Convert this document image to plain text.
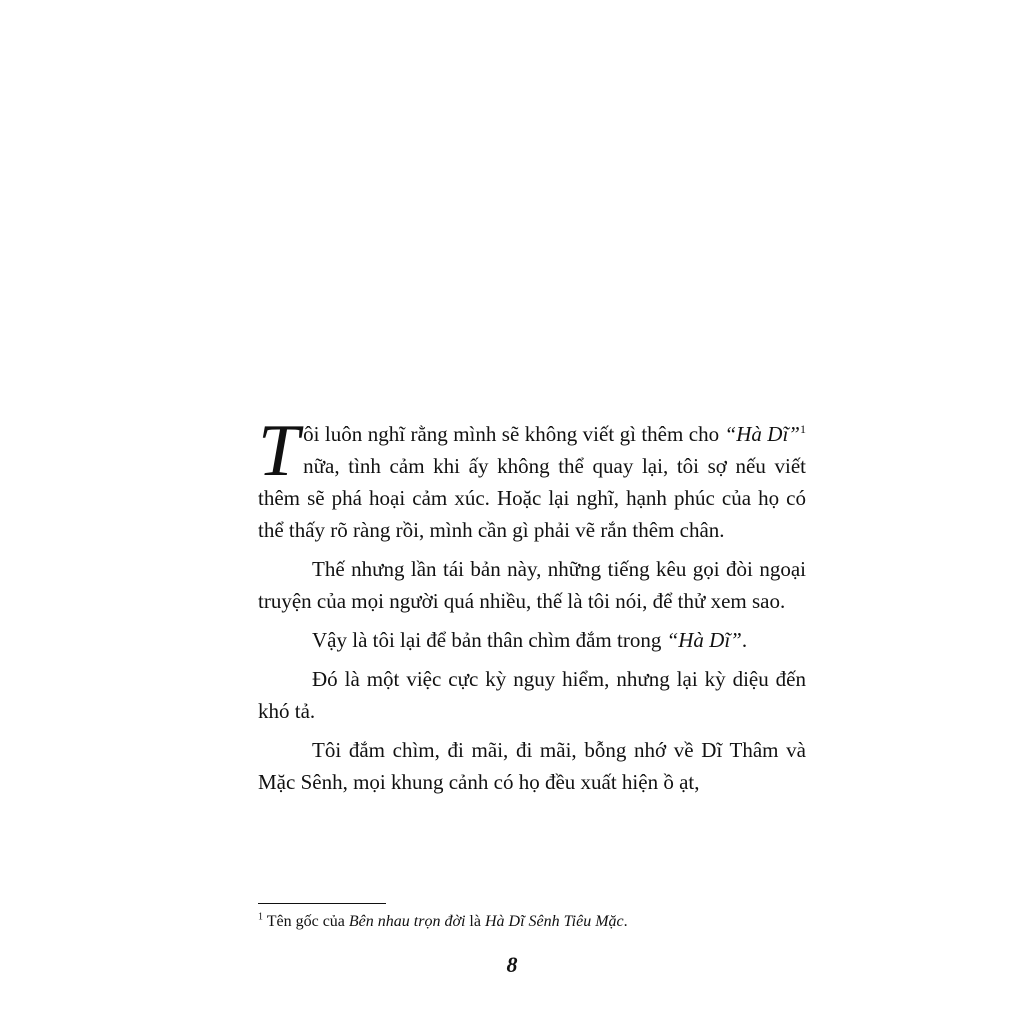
Tôi luôn nghĩ rằng mình sẽ không viết gì thêm cho “Hà Dĩ”$^1$ nữa, tình cảm khi ấy không thể quay lại, tôi sợ nếu viết thêm sẽ phá hoại cảm xúc. Hoặc lại nghĩ, hạnh phúc của họ có thể thấy rõ ràng rồi, mình cần gì phải vẽ rắn thêm chân.

Thế nhưng lần tái bản này, những tiếng kêu gọi đòi ngoại truyện của mọi người quá nhiều, thế là tôi nói, để thử xem sao.

Vậy là tôi lại để bản thân chìm đắm trong “Hà Dĩ”.

Đó là một việc cực kỳ nguy hiểm, nhưng lại kỳ diệu đến khó tả.

Tôi đắm chìm, đi mãi, đi mãi, bỗng nhớ về Dĩ Thâm và Mặc Sênh, mọi khung cảnh có họ đều xuất hiện ồ ạt,

$^1$ Tên gốc của Bên nhau trọn đời là Hà Dĩ Sênh Tiêu Mặc.
8
